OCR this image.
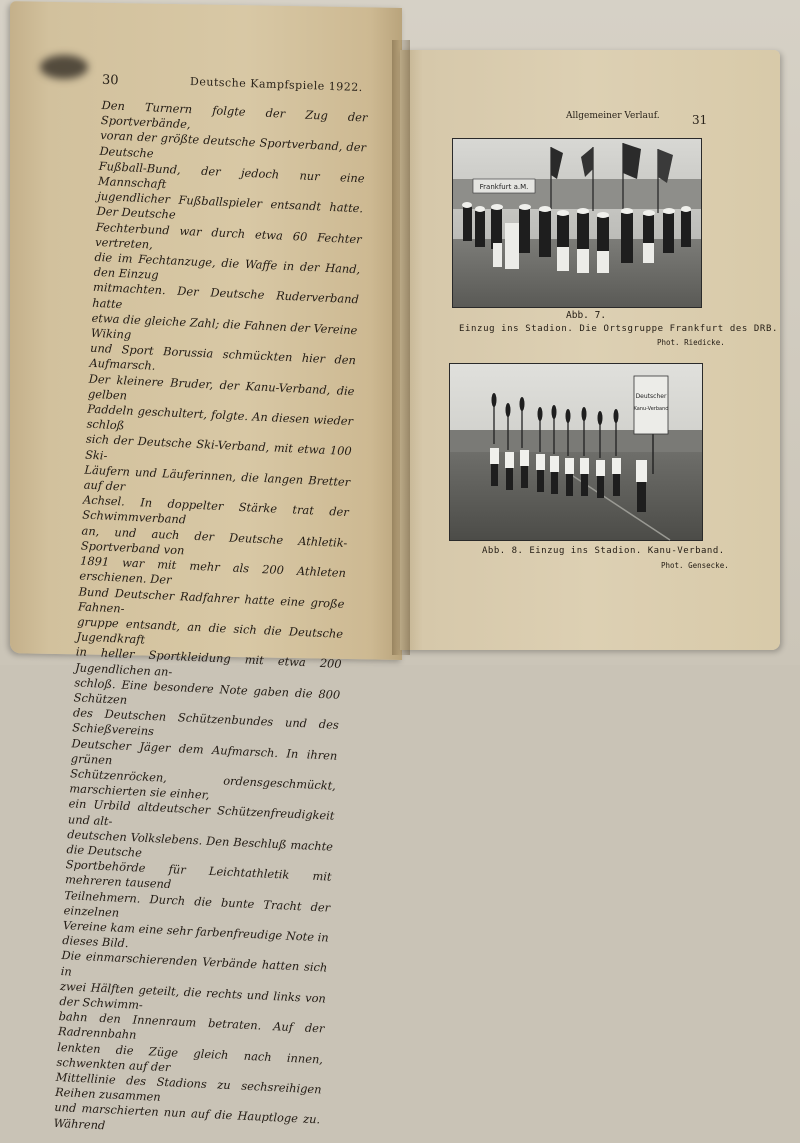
30	Deutsche Kampfspiele 1922.

Den Turnern folgte der Zug der Sportverbände,

voran der größte deutsche Sportverband, der Deutsche

Fußball-Bund, der jedoch nur eine Mannschaft

jugendlicher Fußballspieler entsandt hatte. Der Deutsche

Fechterbund war durch etwa 60 Fechter vertreten,

die im Fechtanzuge, die Waffe in der Hand, den Einzug

mitmachten. Der Deutsche Ruderverband hatte

etwa die gleiche Zahl; die Fahnen der Vereine Wiking

und Sport Borussia schmückten hier den Aufmarsch.

Der kleinere Bruder, der Kanu-Verband, die gelben

Paddeln geschultert, folgte. An diesen wieder schloß

sich der Deutsche Ski-Verband, mit etwa 100 Ski-

Läufern und Läuferinnen, die langen Bretter auf der

Achsel. In doppelter Stärke trat der Schwimmverband

an, und auch der Deutsche Athletik-Sportverband von

1891 war mit mehr als 200 Athleten erschienen. Der

Bund Deutscher Radfahrer hatte eine große Fahnen-

gruppe entsandt, an die sich die Deutsche Jugendkraft

in heller Sportkleidung mit etwa 200 Jugendlichen an-

schloß. Eine besondere Note gaben die 800 Schützen

des Deutschen Schützenbundes und des Schießvereins

Deutscher Jäger dem Aufmarsch. In ihren grünen

Schützenröcken, ordensgeschmückt, marschierten sie einher,

ein Urbild altdeutscher Schützenfreudigkeit und alt-

deutschen Volkslebens. Den Beschluß machte die Deutsche

Sportbehörde für Leichtathletik mit mehreren tausend

Teilnehmern. Durch die bunte Tracht der einzelnen

Vereine kam eine sehr farbenfreudige Note in dieses Bild.

Die einmarschierenden Verbände hatten sich in

zwei Hälften geteilt, die rechts und links von der Schwimm-

bahn den Innenraum betraten. Auf der Radrennbahn

lenkten die Züge gleich nach innen, schwenkten auf der

Mittellinie des Stadions zu sechsreihigen Reihen zusammen

und marschierten nun auf die Hauptloge zu. Während

Allgemeiner Verlauf.	31
Frankfurt a.M.
Abb. 7.
Einzug ins Stadion. Die Ortsgruppe Frankfurt des DRB.
Phot. Riedicke.
Deutscher
Kanu-Verband
Abb. 8. Einzug ins Stadion. Kanu-Verband.
Phot. Gensecke.
